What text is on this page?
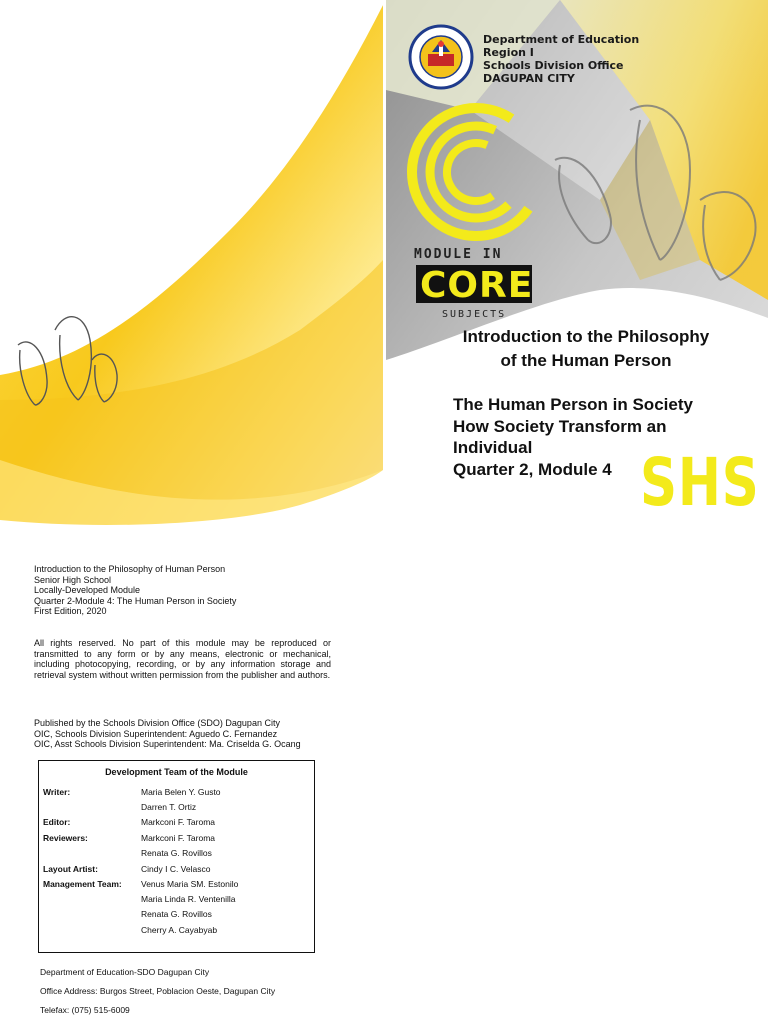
Department of Education
Region I
Schools Division Office
DAGUPAN CITY
MODULE IN
CORE
SUBJECTS
Introduction to the Philosophy
of the Human Person
The Human Person in Society
How Society Transform an
Individual
Quarter 2, Module 4 SHS
Introduction to the Philosophy of Human Person
Senior High School
Locally-Developed Module
Quarter 2-Module 4: The Human Person in Society
First Edition, 2020
All rights reserved. No part of this module may be reproduced or transmitted to any form or by any means, electronic or mechanical, including photocopying, recording, or by any information storage and retrieval system without written permission from the publisher and authors.
Published by the Schools Division Office (SDO) Dagupan City
OIC, Schools Division Superintendent: Aguedo C. Fernandez
OIC, Asst Schools Division Superintendent: Ma. Criselda G. Ocang
Development Team of the Module
Writer:	Maria Belen Y. Gusto
Darren T. Ortiz
Editor:	Markconi F. Taroma
Reviewers:	Markconi F. Taroma
Renata G. Rovillos
Layout Artist:	Cindy I C. Velasco
Management Team: Venus Maria SM. Estonilo
Maria Linda R. Ventenilla
Renata G. Rovillos
Cherry A. Cayabyab
Department of Education-SDO Dagupan City
Office Address: Burgos Street, Poblacion Oeste, Dagupan City
Telefax: (075) 515-6009
